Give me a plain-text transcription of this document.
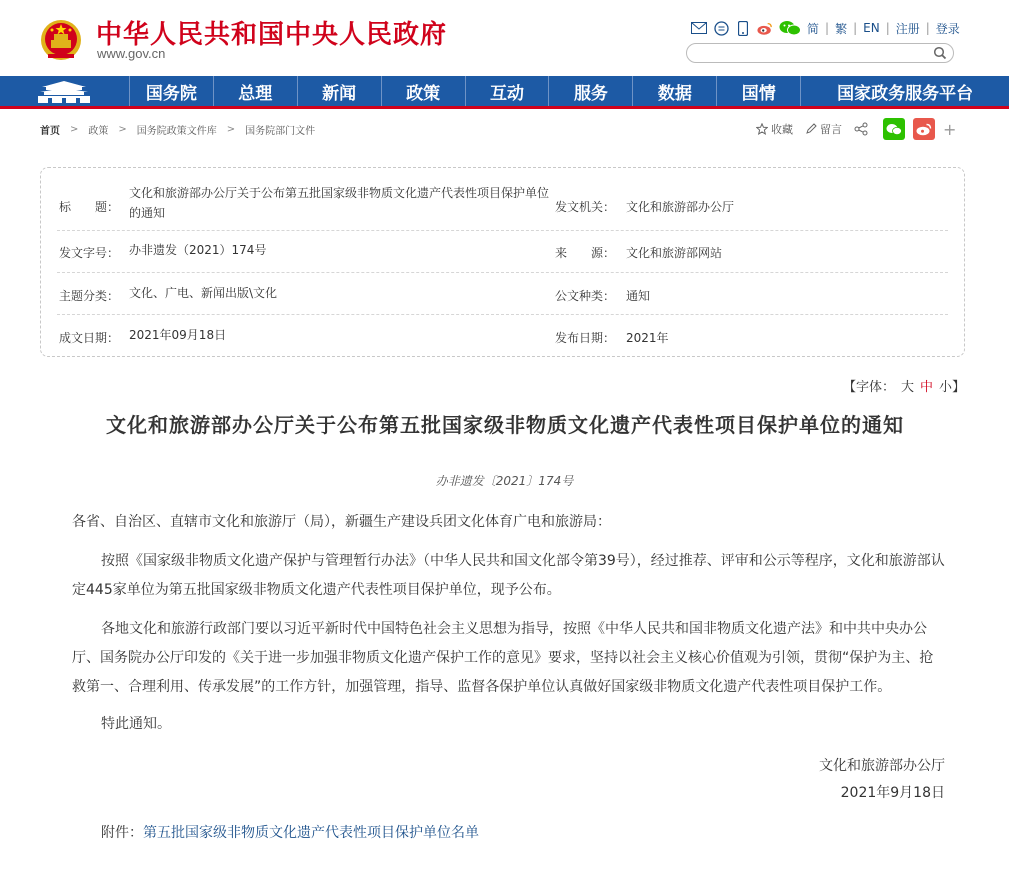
中华人民共和国中央人民政府
www.gov.cn
简 | 繁 | EN | 注册 | 登录
国务院	总理	新闻	政策	互动	服务	数据	国情	国家政务服务平台
首页 > 政策 > 国务院政策文件库 > 国务院部门文件	收藏 留言	+
标　　题：
文化和旅游部办公厅关于公布第五批国家级非物质文化遗产代表性项目保护单位的通知	发文机关： 文化和旅游部办公厅
发文字号： 办非遗发（2021）174号	来　　源： 文化和旅游部网站
主题分类： 文化、广电、新闻出版\文化	公文种类： 通知
成文日期： 2021年09月18日	发布日期： 2021年
【字体： 大 中 小 】
文化和旅游部办公厅关于公布第五批国家级非物质文化遗产代表性项目保护单位的通知
办非遗发〔2021〕174号
各省、自治区、直辖市文化和旅游厅（局），新疆生产建设兵团文化体育广电和旅游局：
按照《国家级非物质文化遗产保护与管理暂行办法》（中华人民共和国文化部令第39号），经过推荐、评审和公示等程序，文化和旅游部认定445家单位为第五批国家级非物质文化遗产代表性项目保护单位，现予公布。
各地文化和旅游行政部门要以习近平新时代中国特色社会主义思想为指导，按照《中华人民共和国非物质文化遗产法》和中共中央办公厅、国务院办公厅印发的《关于进一步加强非物质文化遗产保护工作的意见》要求，坚持以社会主义核心价值观为引领，贯彻“保护为主、抢救第一、合理利用、传承发展”的工作方针，加强管理，指导、监督各保护单位认真做好国家级非物质文化遗产代表性项目保护工作。
特此通知。
文化和旅游部办公厅
2021年9月18日
附件：第五批国家级非物质文化遗产代表性项目保护单位名单
